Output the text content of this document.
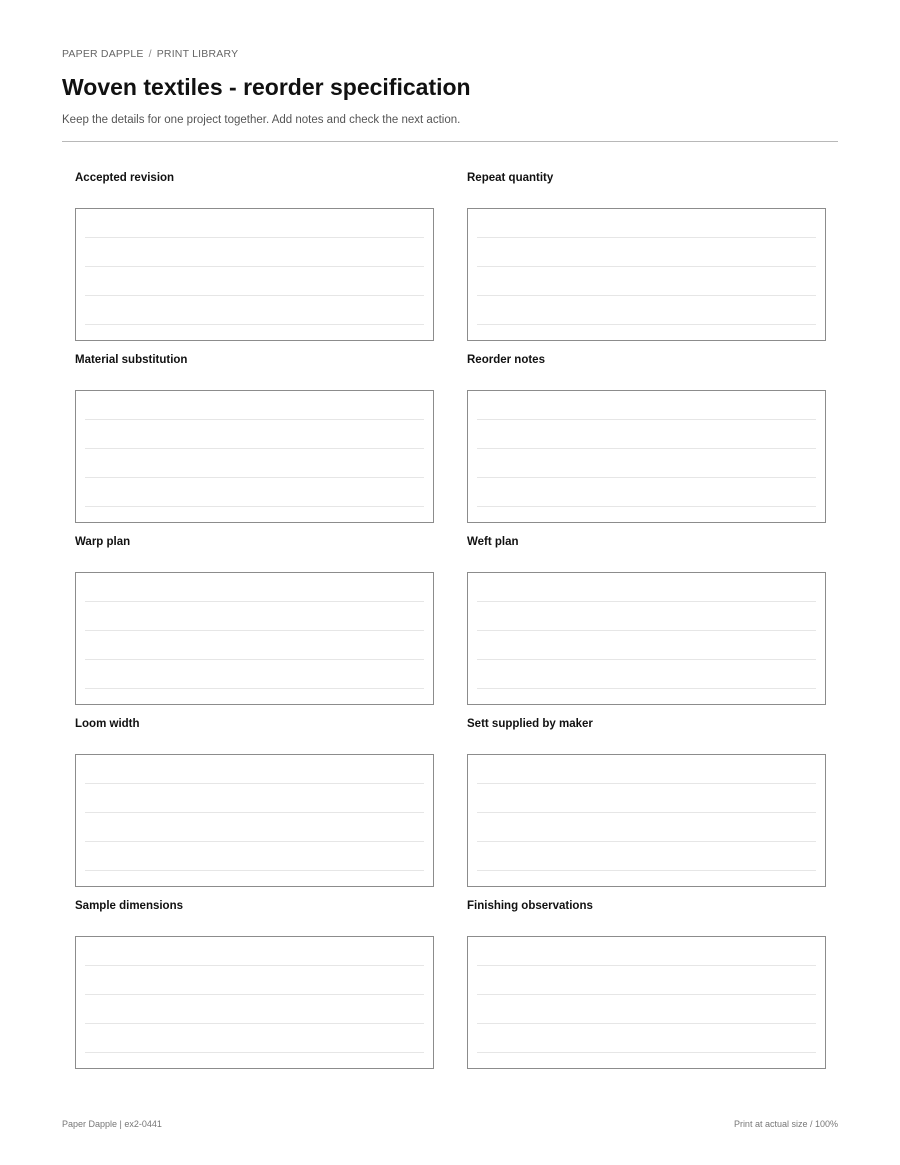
PAPER DAPPLE / PRINT LIBRARY
Woven textiles - reorder specification
Keep the details for one project together. Add notes and check the next action.
Accepted revision	Repeat quantity
Material substitution	Reorder notes
Warp plan	Weft plan
Loom width	Sett supplied by maker
Sample dimensions	Finishing observations
Paper Dapple | ex2-0441	Print at actual size / 100%
